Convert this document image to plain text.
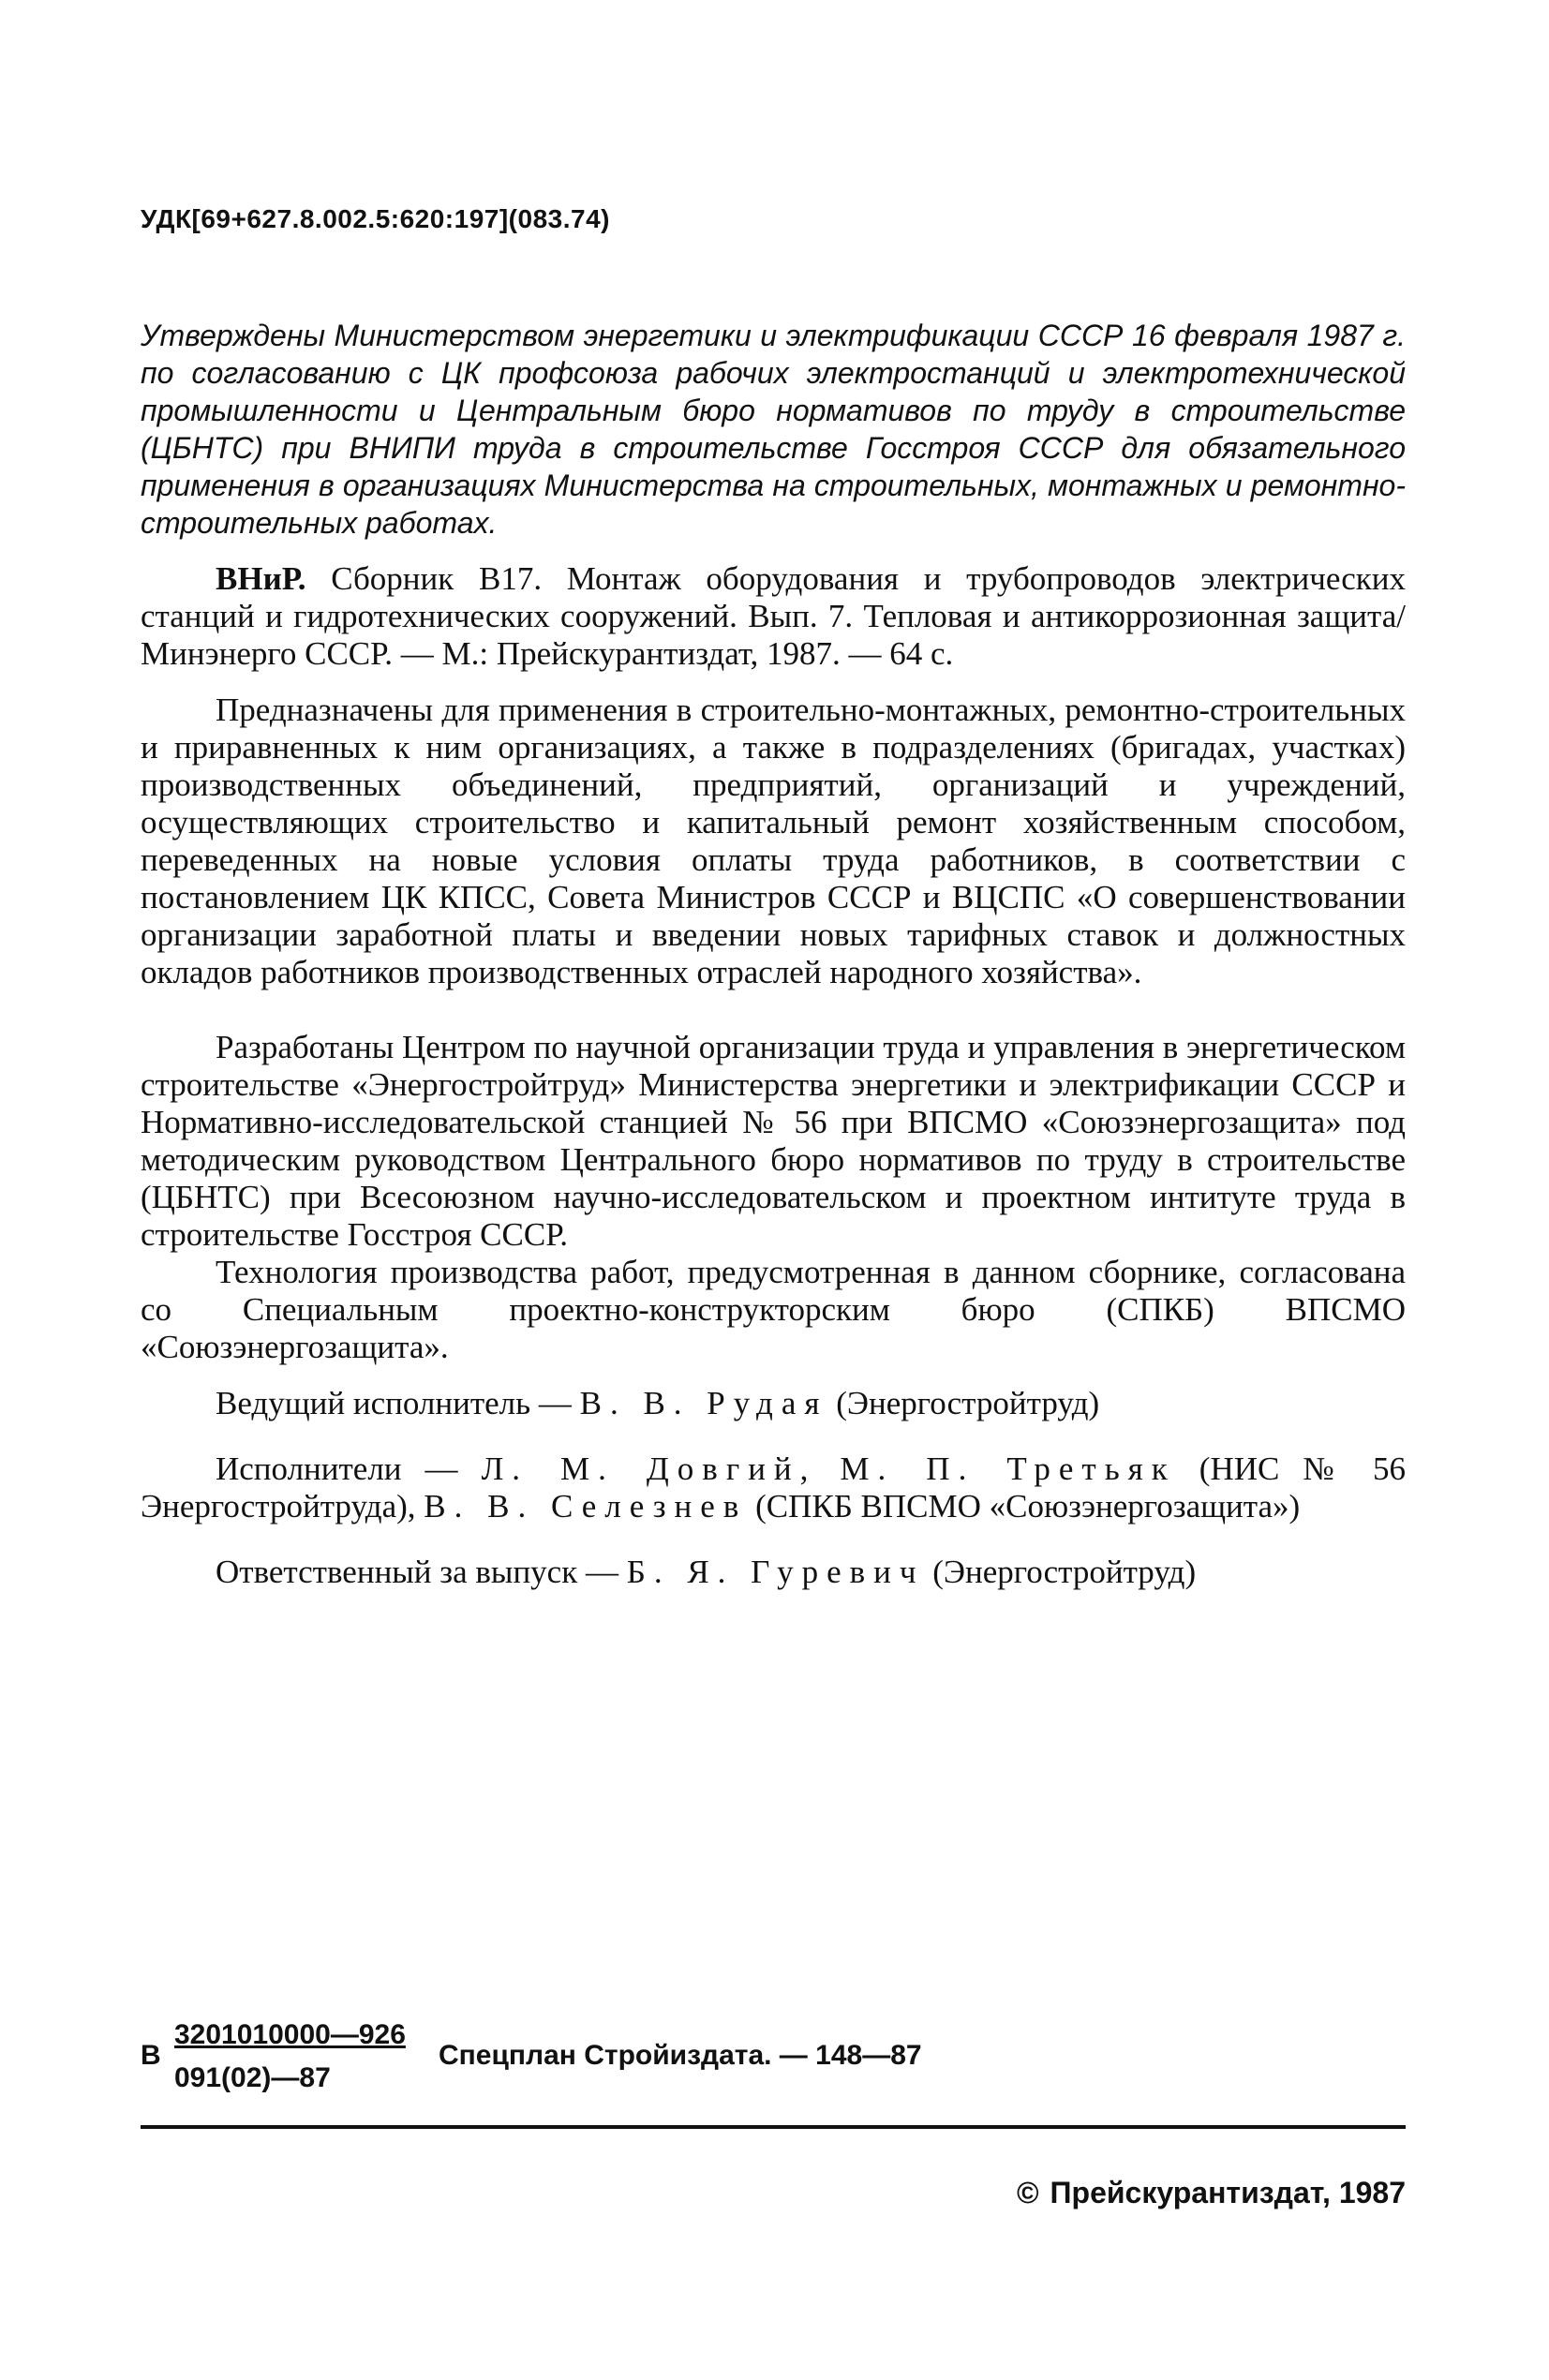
УДК[69+627.8.002.5:620:197](083.74)
Утверждены Министерством энергетики и электрификации СССР 16 февраля 1987 г. по согласованию с ЦК профсоюза рабочих электростанций и электротехнической промышленности и Центральным бюро нормативов по труду в строительстве (ЦБНТС) при ВНИПИ труда в строительстве Госстроя СССР для обязательного применения в организациях Министерства на строительных, монтажных и ремонтно-строительных работах.

ВНиР. Сборник В17. Монтаж оборудования и трубопроводов электрических станций и гидротехнических сооружений. Вып. 7. Тепловая и антикоррозионная защита/Минэнерго СССР. — М.: Прейскурантиздат, 1987. — 64 с.

Предназначены для применения в строительно-монтажных, ремонтно-строительных и приравненных к ним организациях, а также в подразделениях (бригадах, участках) производственных объединений, предприятий, организаций и учреждений, осуществляющих строительство и капитальный ремонт хозяйственным способом, переведенных на новые условия оплаты труда работников, в соответствии с постановлением ЦК КПСС, Совета Министров СССР и ВЦСПС «О совершенствовании организации заработной платы и введении новых тарифных ставок и должностных окладов работников производственных отраслей народного хозяйства».

Разработаны Центром по научной организации труда и управления в энергетическом строительстве «Энергостройтруд» Министерства энергетики и электрификации СССР и Нормативно-исследовательской станцией № 56 при ВПСМО «Союзэнергозащита» под методическим руководством Центрального бюро нормативов по труду в строительстве (ЦБНТС) при Всесоюзном научно-исследовательском и проектном интитуте труда в строительстве Госстроя СССР.

Технология производства работ, предусмотренная в данном сборнике, согласована со Специальным проектно-конструкторским бюро (СПКБ) ВПСМО «Союзэнергозащита».

Ведущий исполнитель — В. В. Рудая (Энергостройтруд)

Исполнители — Л. М. Довгий, М. П. Третьяк (НИС № 56 Энергостройтруда), В. В. Селезнев (СПКБ ВПСМО «Союзэнергозащита»)

Ответственный за выпуск — Б. Я. Гуревич (Энергостройтруд)

В
3201010000—926
091(02)—87
Спецплан Стройиздата. — 148—87
© Прейскурантиздат, 1987
